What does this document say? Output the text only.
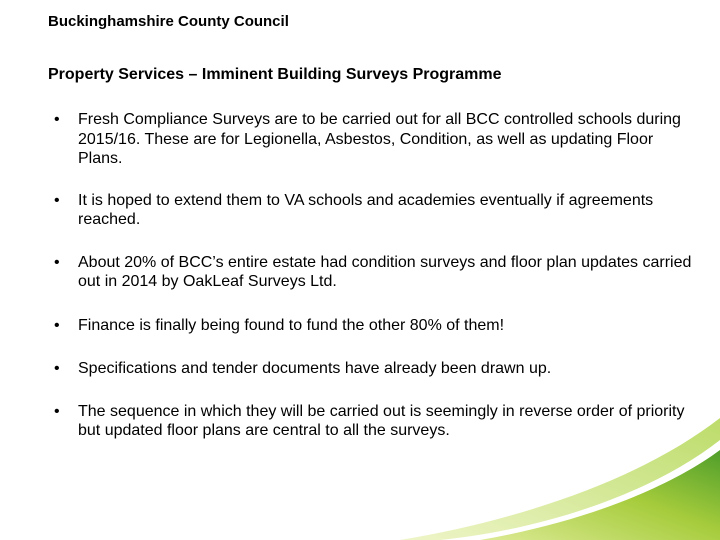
Buckinghamshire County Council
Property Services – Imminent Building Surveys Programme
• Fresh Compliance Surveys are to be carried out for all BCC controlled schools during 2015/16. These are for Legionella, Asbestos, Condition, as well as updating Floor Plans.
• It is hoped to extend them to VA schools and academies eventually if agreements reached.
• About 20% of BCC’s entire estate had condition surveys and floor plan updates carried out in 2014 by OakLeaf Surveys Ltd.
• Finance is finally being found to fund the other 80% of them!
• Specifications and tender documents have already been drawn up.
• The sequence in which they will be carried out is seemingly in reverse order of priority but updated floor plans are central to all the surveys.
